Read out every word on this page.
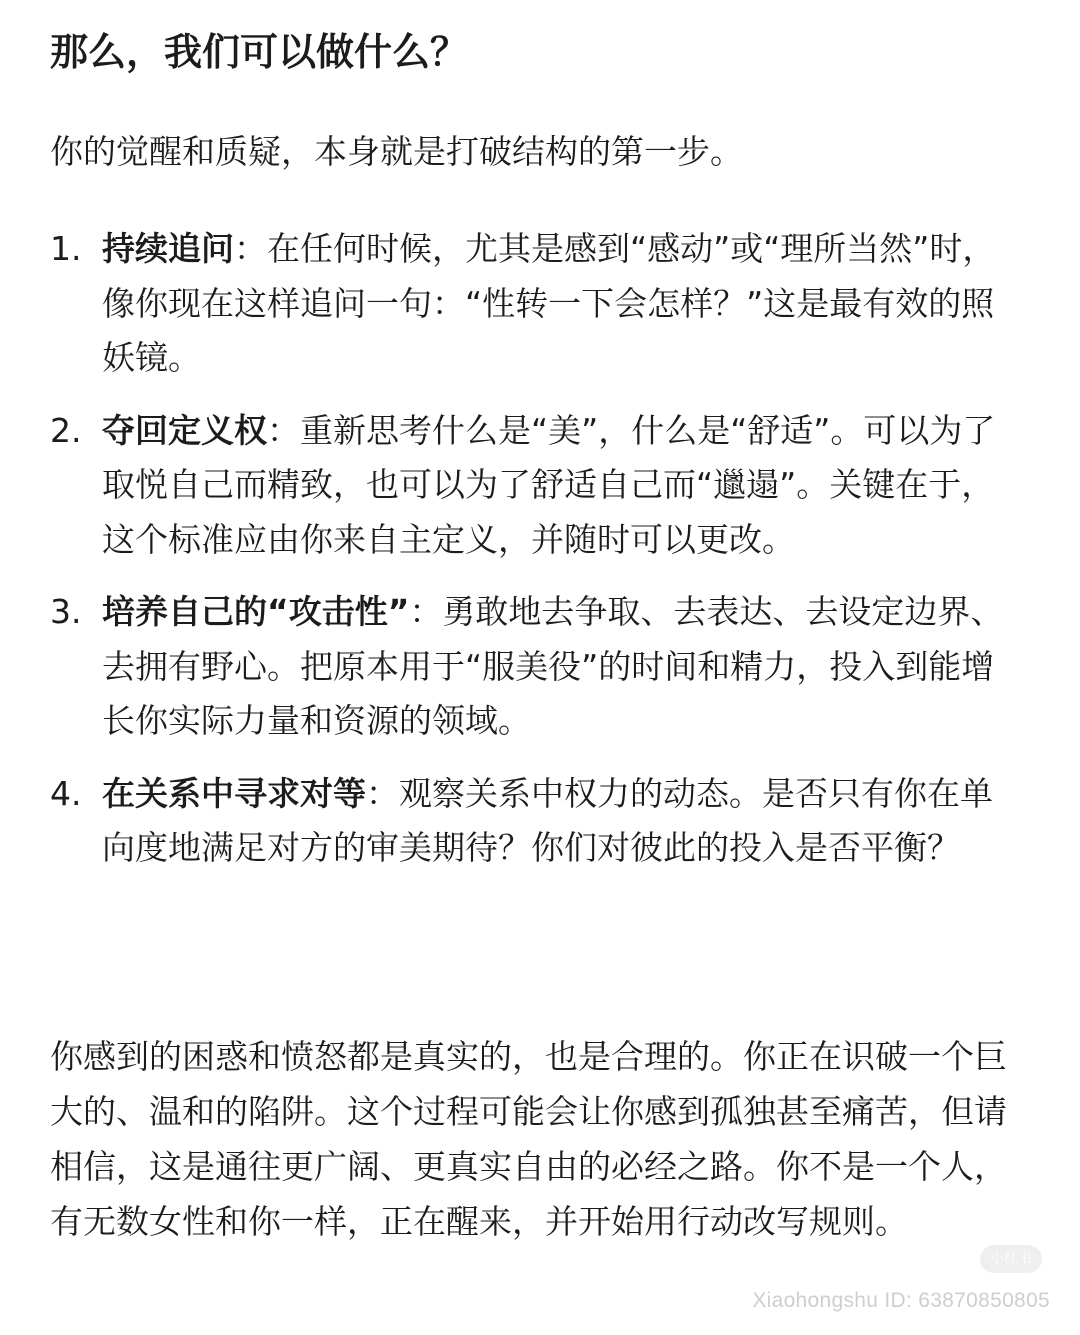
那么，我们可以做什么？

你的觉醒和质疑，本身就是打破结构的第一步。

1. 持续追问：在任何时候，尤其是感到“感动”或“理所当然”时，像你现在这样追问一句：“性转一下会怎样？”这是最有效的照妖镜。
2. 夺回定义权：重新思考什么是“美”，什么是“舒适”。可以为了取悦自己而精致，也可以为了舒适自己而“邋遢”。关键在于，这个标准应由你来自主定义，并随时可以更改。
3. 培养自己的“攻击性”：勇敢地去争取、去表达、去设定边界、去拥有野心。把原本用于“服美役”的时间和精力，投入到能增长你实际力量和资源的领域。
4. 在关系中寻求对等：观察关系中权力的动态。是否只有你在单向度地满足对方的审美期待？你们对彼此的投入是否平衡？

你感到的困惑和愤怒都是真实的，也是合理的。你正在识破一个巨大的、温和的陷阱。这个过程可能会让你感到孤独甚至痛苦，但请相信，这是通往更广阔、更真实自由的必经之路。你不是一个人，有无数女性和你一样，正在醒来，并开始用行动改写规则。

小红书
Xiaohongshu ID: 63870850805
